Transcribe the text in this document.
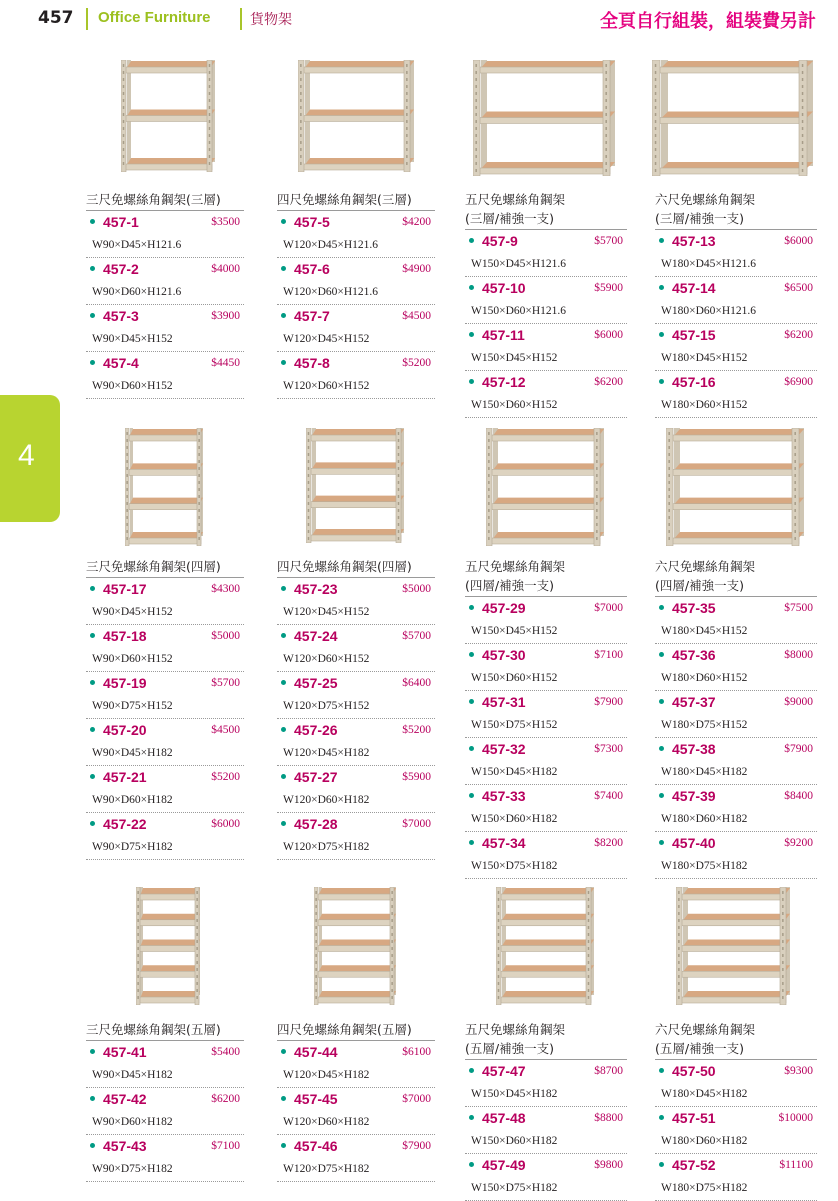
457 Office Furniture	貨物架	全頁自行組裝，組裝費另計
4
三尺免螺絲角鋼架(三層)
457-1	$3500
W90×D45×H121.6
457-2	$4000
W90×D60×H121.6
457-3	$3900
W90×D45×H152
457-4	$4450
W90×D60×H152
四尺免螺絲角鋼架(三層)
457-5	$4200
W120×D45×H121.6
457-6	$4900
W120×D60×H121.6
457-7	$4500
W120×D45×H152
457-8	$5200
W120×D60×H152
五尺免螺絲角鋼架
(三層/補強一支)
457-9	$5700
W150×D45×H121.6
457-10	$5900
W150×D60×H121.6
457-11	$6000
W150×D45×H152
457-12	$6200
W150×D60×H152
六尺免螺絲角鋼架
(三層/補強一支)
457-13	$6000
W180×D45×H121.6
457-14	$6500
W180×D60×H121.6
457-15	$6200
W180×D45×H152
457-16	$6900
W180×D60×H152
三尺免螺絲角鋼架(四層)
457-17	$4300
W90×D45×H152
457-18	$5000
W90×D60×H152
457-19	$5700
W90×D75×H152
457-20	$4500
W90×D45×H182
457-21	$5200
W90×D60×H182
457-22	$6000
W90×D75×H182
四尺免螺絲角鋼架(四層)
457-23	$5000
W120×D45×H152
457-24	$5700
W120×D60×H152
457-25	$6400
W120×D75×H152
457-26	$5200
W120×D45×H182
457-27	$5900
W120×D60×H182
457-28	$7000
W120×D75×H182
五尺免螺絲角鋼架
(四層/補強一支)
457-29	$7000
W150×D45×H152
457-30	$7100
W150×D60×H152
457-31	$7900
W150×D75×H152
457-32	$7300
W150×D45×H182
457-33	$7400
W150×D60×H182
457-34	$8200
W150×D75×H182
六尺免螺絲角鋼架
(四層/補強一支)
457-35	$7500
W180×D45×H152
457-36	$8000
W180×D60×H152
457-37	$9000
W180×D75×H152
457-38	$7900
W180×D45×H182
457-39	$8400
W180×D60×H182
457-40	$9200
W180×D75×H182
三尺免螺絲角鋼架(五層)
457-41	$5400
W90×D45×H182
457-42	$6200
W90×D60×H182
457-43	$7100
W90×D75×H182
四尺免螺絲角鋼架(五層)
457-44	$6100
W120×D45×H182
457-45	$7000
W120×D60×H182
457-46	$7900
W120×D75×H182
五尺免螺絲角鋼架
(五層/補強一支)
457-47	$8700
W150×D45×H182
457-48	$8800
W150×D60×H182
457-49	$9800
W150×D75×H182
六尺免螺絲角鋼架
(五層/補強一支)
457-50	$9300
W180×D45×H182
457-51	$10000
W180×D60×H182
457-52	$11100
W180×D75×H182
